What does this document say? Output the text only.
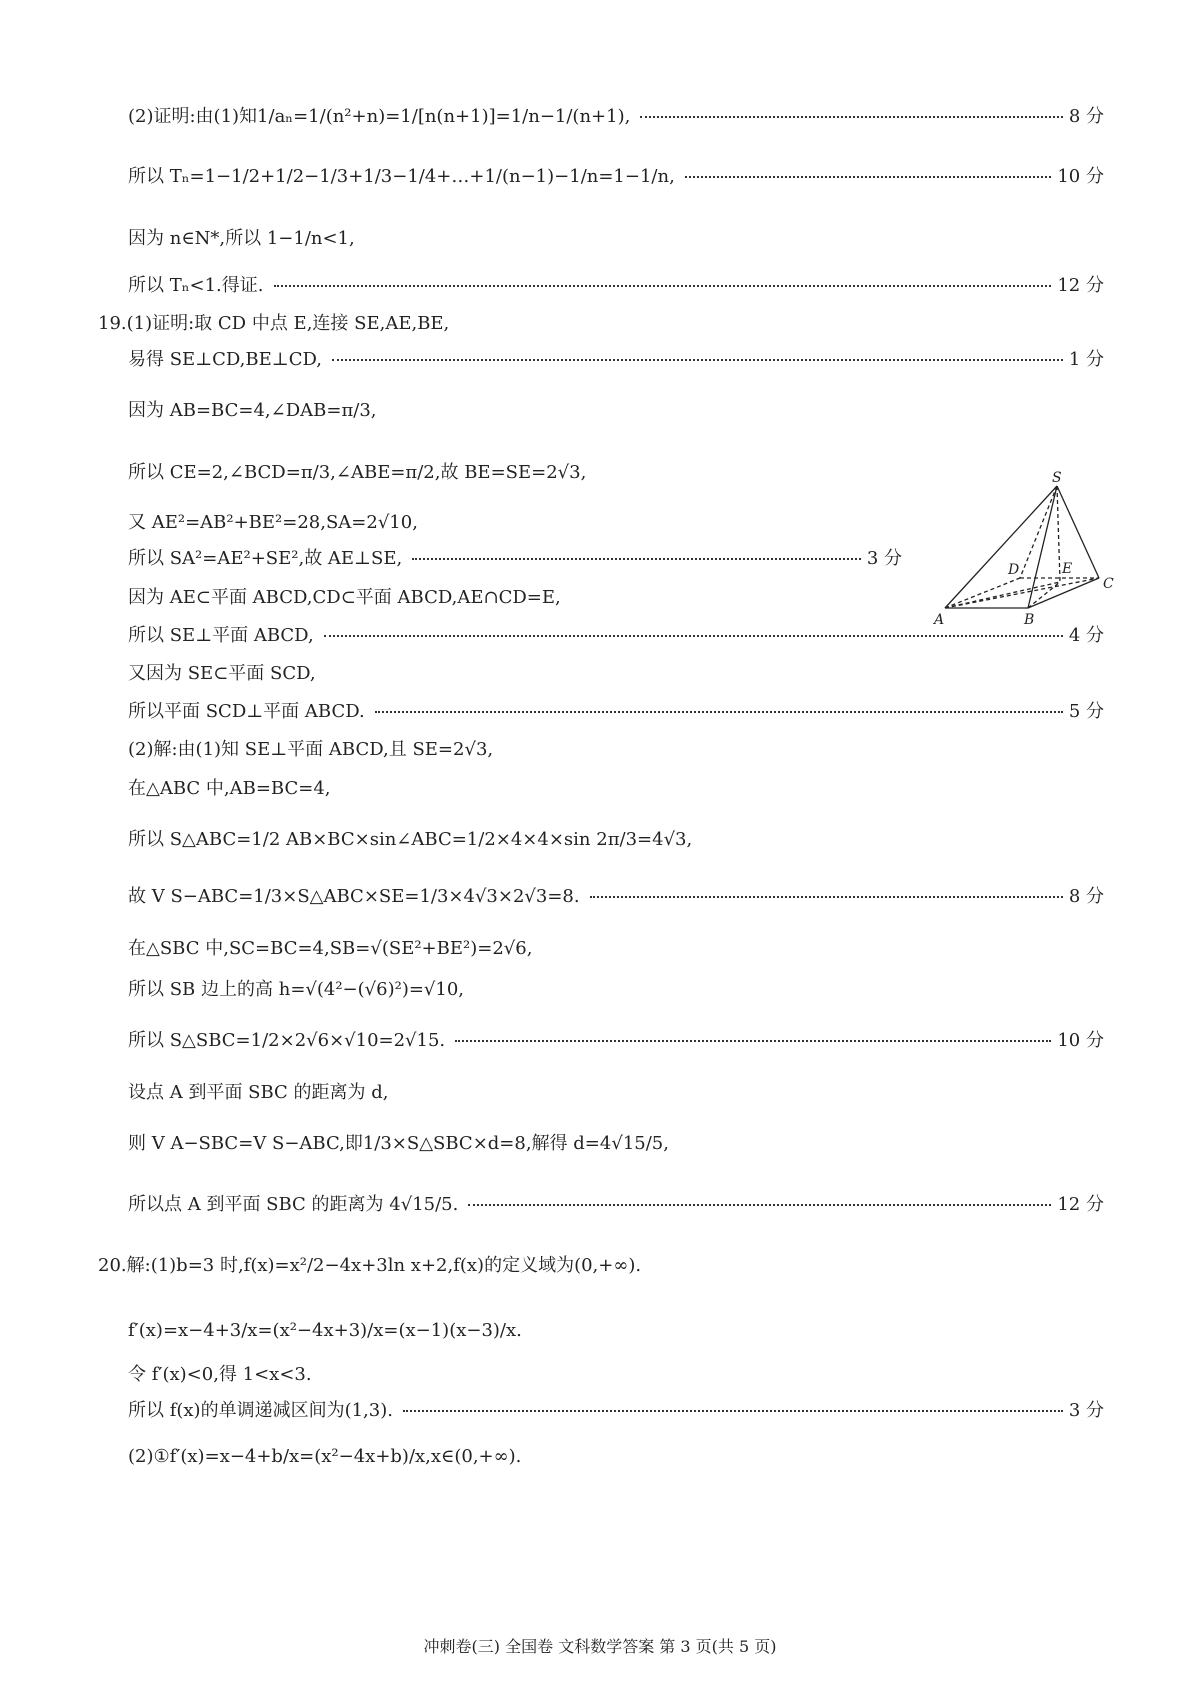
(2)证明:由(1)知1/aₙ=1/(n²+n)=1/[n(n+1)]=1/n−1/(n+1),	8 分
所以 Tₙ=1−1/2+1/2−1/3+1/3−1/4+…+1/(n−1)−1/n=1−1/n,	10 分
因为 n∈N*,所以 1−1/n<1,
所以 Tₙ<1.得证.	12 分
19.(1)证明:取 CD 中点 E,连接 SE,AE,BE,
易得 SE⊥CD,BE⊥CD,	1 分
因为 AB=BC=4,∠DAB=π/3,
所以 CE=2,∠BCD=π/3,∠ABE=π/2,故 BE=SE=2√3,
又 AE²=AB²+BE²=28,SA=2√10,
所以 SA²=AE²+SE²,故 AE⊥SE,	3 分
因为 AE⊂平面 ABCD,CD⊂平面 ABCD,AE∩CD=E,
所以 SE⊥平面 ABCD,	4 分
又因为 SE⊂平面 SCD,
所以平面 SCD⊥平面 ABCD.	5 分
(2)解:由(1)知 SE⊥平面 ABCD,且 SE=2√3,
在△ABC 中,AB=BC=4,
所以 S△ABC=1/2 AB×BC×sin∠ABC=1/2×4×4×sin 2π/3=4√3,
故 V S−ABC=1/3×S△ABC×SE=1/3×4√3×2√3=8.	8 分
在△SBC 中,SC=BC=4,SB=√(SE²+BE²)=2√6,
所以 SB 边上的高 h=√(4²−(√6)²)=√10,
所以 S△SBC=1/2×2√6×√10=2√15.	10 分
设点 A 到平面 SBC 的距离为 d,
则 V A−SBC=V S−ABC,即1/3×S△SBC×d=8,解得 d=4√15/5,
所以点 A 到平面 SBC 的距离为 4√15/5.	12 分
20.解:(1)b=3 时,f(x)=x²/2−4x+3ln x+2,f(x)的定义域为(0,+∞).
f′(x)=x−4+3/x=(x²−4x+3)/x=(x−1)(x−3)/x.
令 f′(x)<0,得 1<x<3.
所以 f(x)的单调递减区间为(1,3).	3 分
(2)①f′(x)=x−4+b/x=(x²−4x+b)/x,x∈(0,+∞).
S
D	E
C
A	B
冲刺卷(三) 全国卷 文科数学答案 第 3 页(共 5 页)
